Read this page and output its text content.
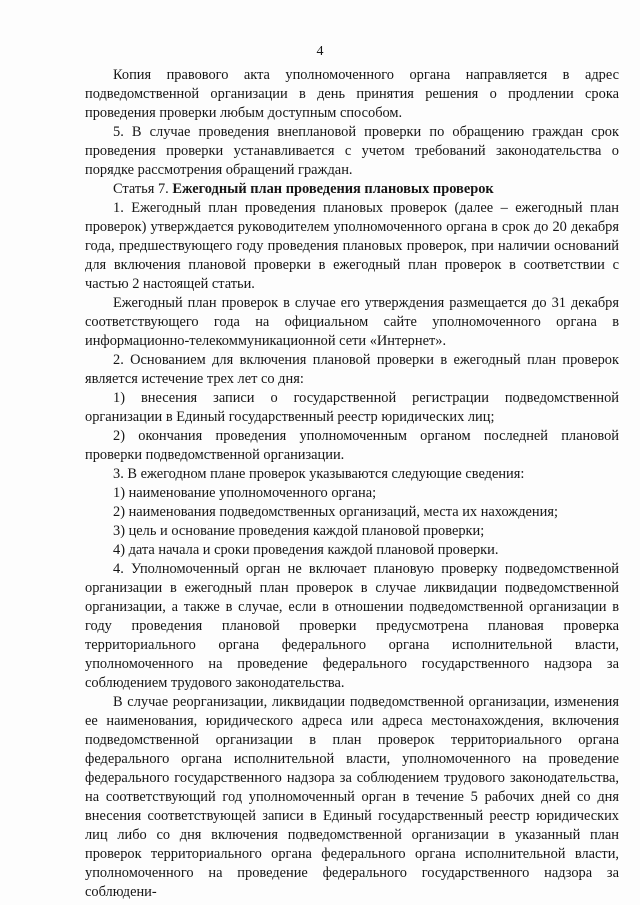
4

Копия правового акта уполномоченного органа направляется в адрес подведомственной организации в день принятия решения о продлении срока проведения проверки любым доступным способом.

5. В случае проведения внеплановой проверки по обращению граждан срок проведения проверки устанавливается с учетом требований законодательства о порядке рассмотрения обращений граждан.

Статья 7. Ежегодный план проведения плановых проверок

1. Ежегодный план проведения плановых проверок (далее – ежегодный план проверок) утверждается руководителем уполномоченного органа в срок до 20 декабря года, предшествующего году проведения плановых проверок, при наличии оснований для включения плановой проверки в ежегодный план проверок в соответствии с частью 2 настоящей статьи.

Ежегодный план проверок в случае его утверждения размещается до 31 декабря соответствующего года на официальном сайте уполномоченного органа в информационно-телекоммуникационной сети «Интернет».

2. Основанием для включения плановой проверки в ежегодный план проверок является истечение трех лет со дня:

1) внесения записи о государственной регистрации подведомственной организации в Единый государственный реестр юридических лиц;

2) окончания проведения уполномоченным органом последней плановой проверки подведомственной организации.

3. В ежегодном плане проверок указываются следующие сведения:

1) наименование уполномоченного органа;

2) наименования подведомственных организаций, места их нахождения;

3) цель и основание проведения каждой плановой проверки;

4) дата начала и сроки проведения каждой плановой проверки.

4. Уполномоченный орган не включает плановую проверку подведомственной организации в ежегодный план проверок в случае ликвидации подведомственной организации, а также в случае, если в отношении подведомственной организации в году проведения плановой проверки предусмотрена плановая проверка территориального органа федерального органа исполнительной власти, уполномоченного на проведение федерального государственного надзора за соблюдением трудового законодательства.

В случае реорганизации, ликвидации подведомственной организации, изменения ее наименования, юридического адреса или адреса местонахождения, включения подведомственной организации в план проверок территориального органа федерального органа исполнительной власти, уполномоченного на проведение федерального государственного надзора за соблюдением трудового законодательства, на соответствующий год уполномоченный орган в течение 5 рабочих дней со дня внесения соответствующей записи в Единый государственный реестр юридических лиц либо со дня включения подведомственной организации в указанный план проверок территориального органа федерального органа исполнительной власти, уполномоченного на проведение федерального государственного надзора за соблюдени-
